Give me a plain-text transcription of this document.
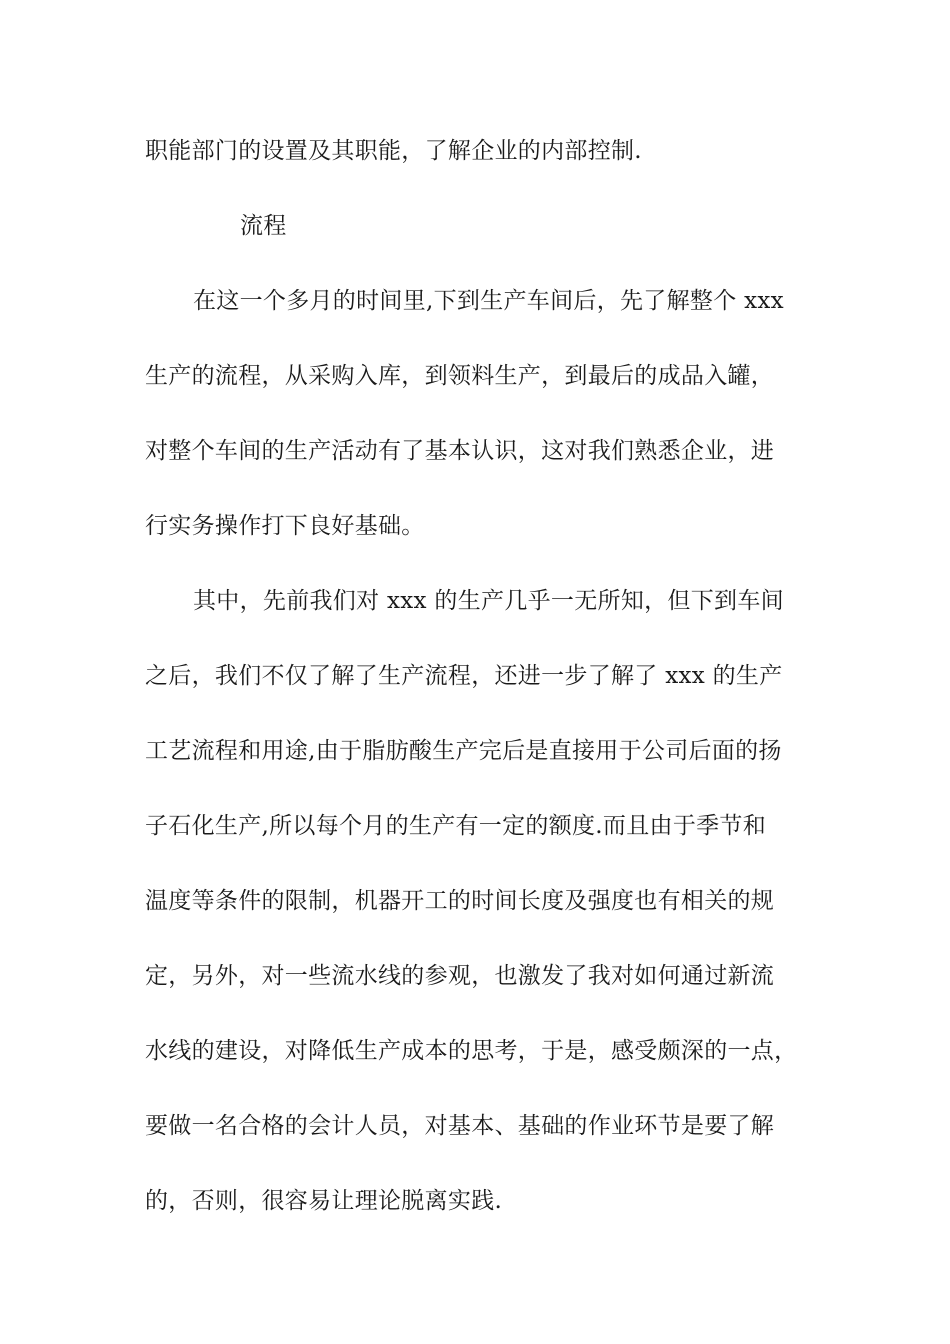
职能部门的设置及其职能，了解企业的内部控制.
流程
在这一个多月的时间里,下到生产车间后，先了解整个 xxx
生产的流程，从采购入库，到领料生产，到最后的成品入罐，
对整个车间的生产活动有了基本认识，这对我们熟悉企业，进
行实务操作打下良好基础。
其中，先前我们对 xxx 的生产几乎一无所知，但下到车间
之后，我们不仅了解了生产流程，还进一步了解了 xxx 的生产
工艺流程和用途,由于脂肪酸生产完后是直接用于公司后面的扬
子石化生产,所以每个月的生产有一定的额度.而且由于季节和
温度等条件的限制，机器开工的时间长度及强度也有相关的规
定，另外，对一些流水线的参观，也激发了我对如何通过新流
水线的建设，对降低生产成本的思考，于是，感受颇深的一点，
要做一名合格的会计人员，对基本、基础的作业环节是要了解
的，否则，很容易让理论脱离实践.
